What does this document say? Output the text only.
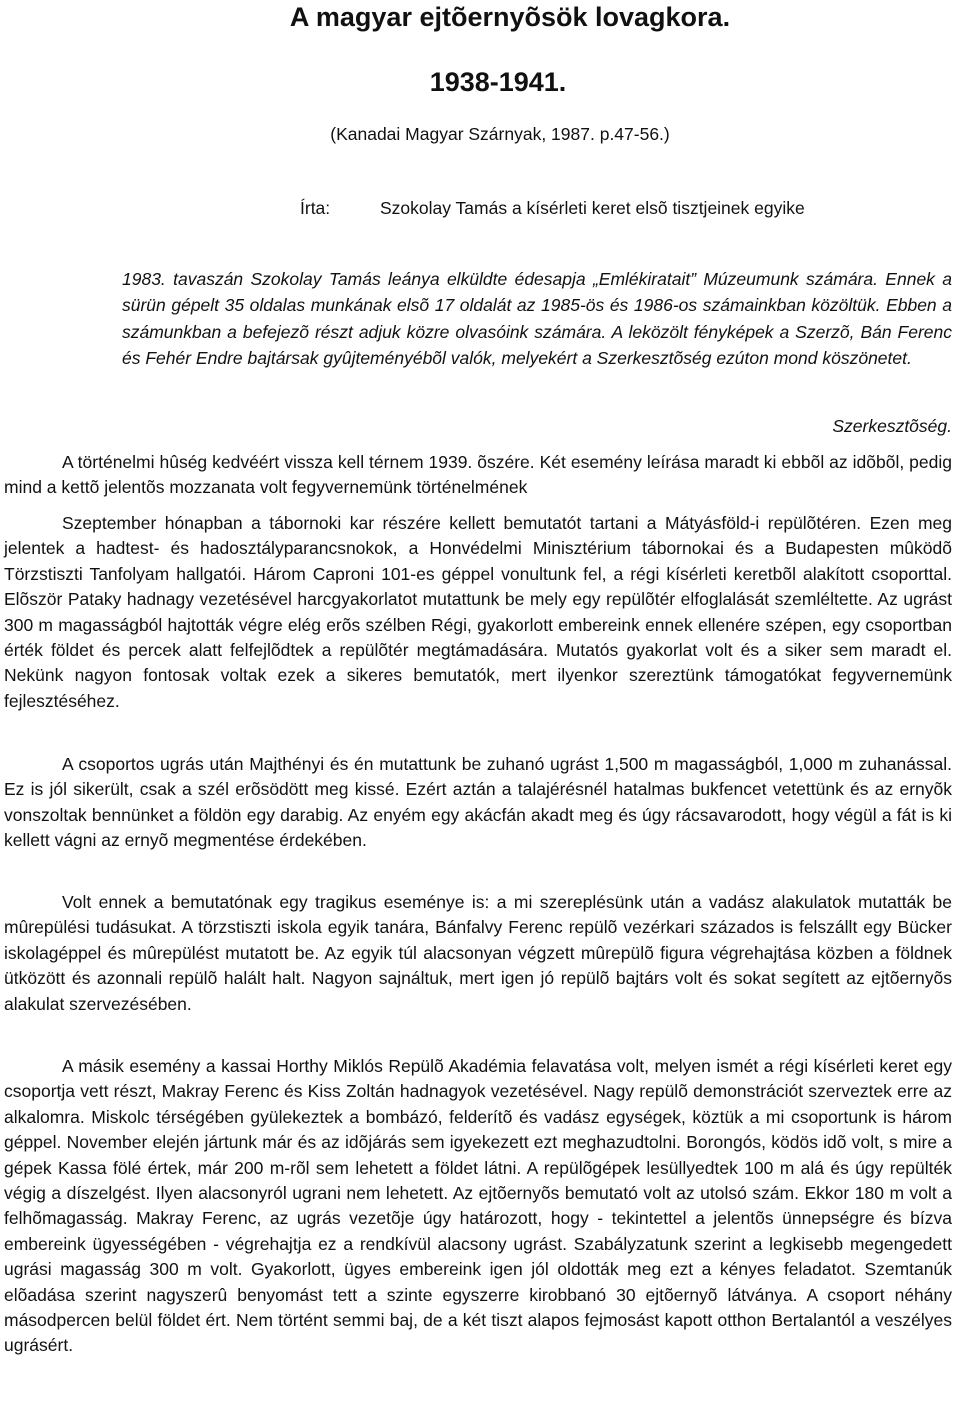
A magyar ejtõernyõsök lovagkora.
1938-1941.
(Kanadai Magyar Szárnyak, 1987. p.47-56.)
Írta:	Szokolay Tamás a kísérleti keret elsõ tisztjeinek egyike

1983. tavaszán Szokolay Tamás leánya elküldte édesapja „Emlékiratait” Múzeumunk számára. Ennek a sürün gépelt 35 oldalas munkának elsõ 17 oldalát az 1985-ös és 1986-os számainkban közöltük. Ebben a számunkban a befejezõ részt adjuk közre olvasóink számára. A leközölt fényképek a Szerzõ, Bán Ferenc és Fehér Endre bajtársak gyûjteményébõl valók, melyekért a Szerkesztõség ezúton mond köszönetet.

Szerkesztõség.

A történelmi hûség kedvéért vissza kell térnem 1939. õszére. Két esemény leírása maradt ki ebbõl az idõbõl, pedig mind a kettõ jelentõs mozzanata volt fegyvernemünk történelmének

Szeptember hónapban a tábornoki kar részére kellett bemutatót tartani a Mátyásföld-i repülõtéren. Ezen meg jelentek a hadtest- és hadosztályparancsnokok, a Honvédelmi Minisztérium tábornokai és a Budapesten mûködõ Törzstiszti Tanfolyam hallgatói. Három Caproni 101-es géppel vonultunk fel, a régi kísérleti keretbõl alakított csoporttal. Elõször Pataky hadnagy vezetésével harcgyakorlatot mutattunk be mely egy repülõtér elfoglalását szemléltette. Az ugrást 300 m magasságból hajtották végre elég erõs szélben Régi, gyakorlott embereink ennek ellenére szépen, egy csoportban érték földet és percek alatt felfejlõdtek a repülõtér megtámadására. Mutatós gyakorlat volt és a siker sem maradt el. Nekünk nagyon fontosak voltak ezek a sikeres bemutatók, mert ilyenkor szereztünk támogatókat fegyvernemünk fejlesztéséhez.

A csoportos ugrás után Majthényi és én mutattunk be zuhanó ugrást 1,500 m magasságból, 1,000 m zuhanással. Ez is jól sikerült, csak a szél erõsödött meg kissé. Ezért aztán a talajérésnél hatalmas bukfencet vetettünk és az ernyõk vonszoltak bennünket a földön egy darabig. Az enyém egy akácfán akadt meg és úgy rácsavarodott, hogy végül a fát is ki kellett vágni az ernyõ megmentése érdekében.

Volt ennek a bemutatónak egy tragikus eseménye is: a mi szereplésünk után a vadász alakulatok mutatták be mûrepülési tudásukat. A törzstiszti iskola egyik tanára, Bánfalvy Ferenc repülõ vezérkari százados is felszállt egy Bücker iskolagéppel és mûrepülést mutatott be. Az egyik túl alacsonyan végzett mûrepülõ figura végrehajtása közben a földnek ütközött és azonnali repülõ halált halt. Nagyon sajnáltuk, mert igen jó repülõ bajtárs volt és sokat segített az ejtõernyõs alakulat szervezésében.

A másik esemény a kassai Horthy Miklós Repülõ Akadémia felavatása volt, melyen ismét a régi kísérleti keret egy csoportja vett részt, Makray Ferenc és Kiss Zoltán hadnagyok vezetésével. Nagy repülõ demonstrációt szerveztek erre az alkalomra. Miskolc térségében gyülekeztek a bombázó, felderítõ és vadász egységek, köztük a mi csoportunk is három géppel. November elején jártunk már és az idõjárás sem igyekezett ezt meghazudtolni. Borongós, ködös idõ volt, s mire a gépek Kassa fölé értek, már 200 m-rõl sem lehetett a földet látni. A repülõgépek lesüllyedtek 100 m alá és úgy repülték végig a díszelgést. Ilyen alacsonyról ugrani nem lehetett. Az ejtõernyõs bemutató volt az utolsó szám. Ekkor 180 m volt a felhõmagasság. Makray Ferenc, az ugrás vezetõje úgy határozott, hogy - tekintettel a jelentõs ünnepségre és bízva embereink ügyességében - végrehajtja ez a rendkívül alacsony ugrást. Szabályzatunk szerint a legkisebb megengedett ugrási magasság 300 m volt. Gyakorlott, ügyes embereink igen jól oldották meg ezt a kényes feladatot. Szemtanúk elõadása szerint nagyszerû benyomást tett a szinte egyszerre kirobbanó 30 ejtõernyõ látványa. A csoport néhány másodpercen belül földet ért. Nem történt semmi baj, de a két tiszt alapos fejmosást kapott otthon Bertalantól a veszélyes ugrásért.
